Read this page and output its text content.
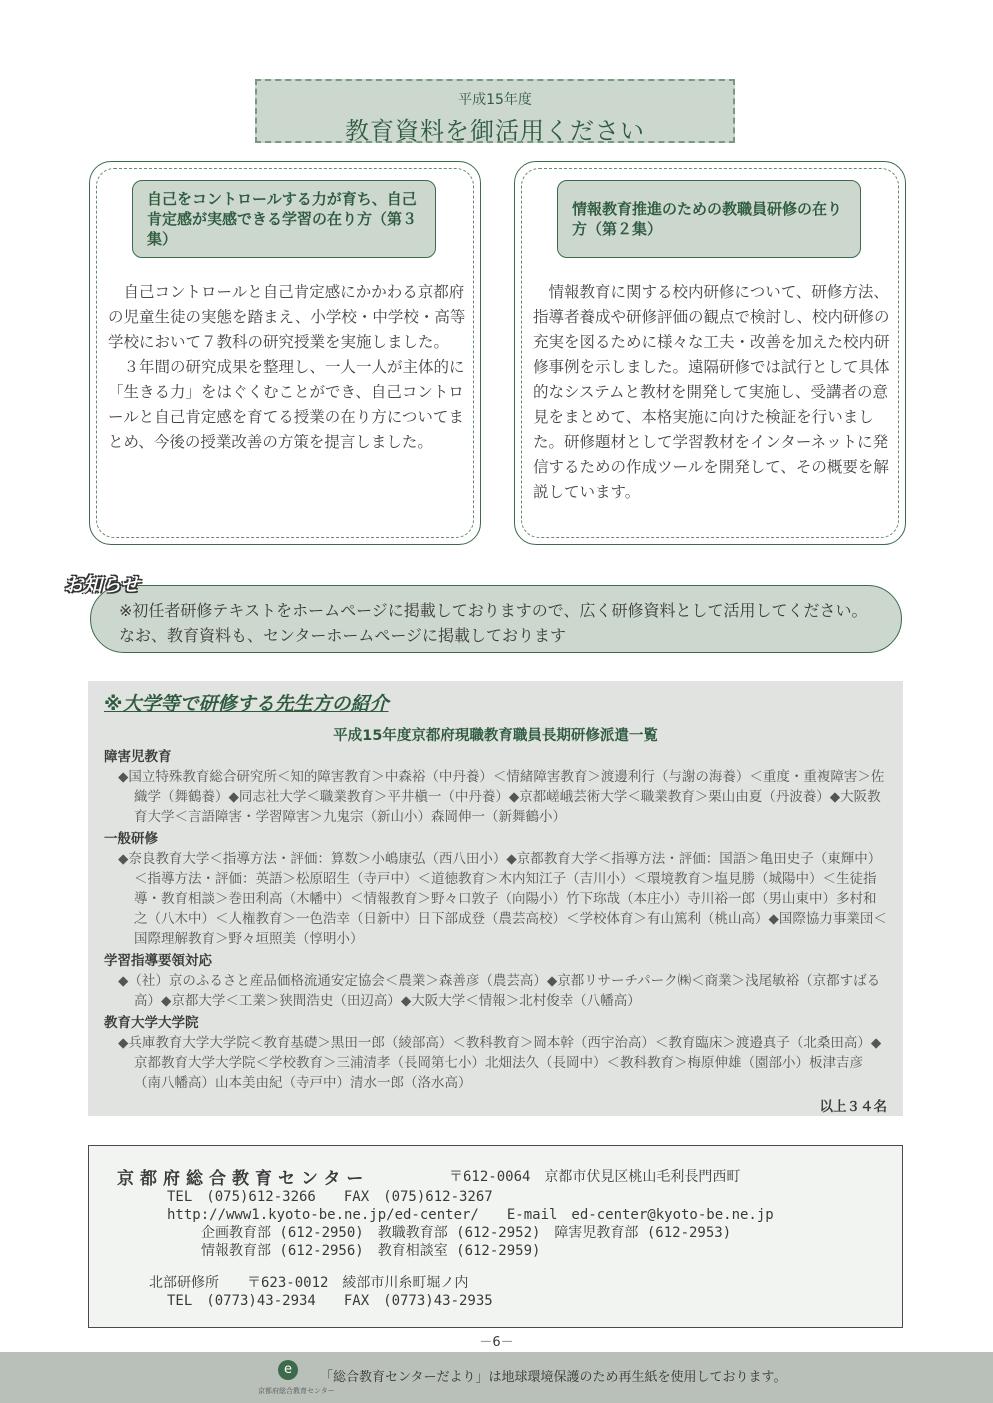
平成15年度
教育資料を御活用ください
自己をコントロールする力が育ち、自己肯定感が実感できる学習の在り方（第３集）

自己コントロールと自己肯定感にかかわる京都府の児童生徒の実態を踏まえ、小学校・中学校・高等学校において７教科の研究授業を実施しました。

３年間の研究成果を整理し、一人一人が主体的に「生きる力」をはぐくむことができ、自己コントロールと自己肯定感を育てる授業の在り方についてまとめ、今後の授業改善の方策を提言しました。

情報教育推進のための教職員研修の在り方（第２集）

情報教育に関する校内研修について、研修方法、指導者養成や研修評価の観点で検討し、校内研修の充実を図るために様々な工夫・改善を加えた校内研修事例を示しました。遠隔研修では試行として具体的なシステムと教材を開発して実施し、受講者の意見をまとめて、本格実施に向けた検証を行いました。研修題材として学習教材をインターネットに発信するための作成ツールを開発して、その概要を解説しています。

※初任者研修テキストをホームページに掲載しておりますので、広く研修資料として活用してください。なお、教育資料も、センターホームページに掲載しております
お知らせ
※大学等で研修する先生方の紹介
平成15年度京都府現職教育職員長期研修派遣一覧
障害児教育
◆国立特殊教育総合研究所＜知的障害教育＞中森裕（中丹養）＜情緒障害教育＞渡邊利行（与謝の海養）＜重度・重複障害＞佐織学（舞鶴養）◆同志社大学＜職業教育＞平井槇一（中丹養）◆京都嵯峨芸術大学＜職業教育＞栗山由夏（丹波養）◆大阪教育大学＜言語障害・学習障害＞九鬼宗（新山小）森岡伸一（新舞鶴小）
一般研修
◆奈良教育大学＜指導方法・評価：算数＞小嶋康弘（西八田小）◆京都教育大学＜指導方法・評価：国語＞亀田史子（東輝中）＜指導方法・評価：英語＞松原昭生（寺戸中）＜道徳教育＞木内知江子（吉川小）＜環境教育＞塩見勝（城陽中）＜生徒指導・教育相談＞巻田利高（木幡中）＜情報教育＞野々口敦子（向陽小）竹下珎哉（本庄小）寺川裕一郎（男山東中）多村和之（八木中）＜人権教育＞一色浩幸（日新中）日下部成登（農芸高校）＜学校体育＞有山篤利（桃山高）◆国際協力事業団＜国際理解教育＞野々垣照美（惇明小）
学習指導要領対応
◆（社）京のふるさと産品価格流通安定協会＜農業＞森善彦（農芸高）◆京都リサーチパーク㈱＜商業＞浅尾敏裕（京都すばる高）◆京都大学＜工業＞狭間浩史（田辺高）◆大阪大学＜情報＞北村俊幸（八幡高）
教育大学大学院
◆兵庫教育大学大学院＜教育基礎＞黒田一郎（綾部高）＜教科教育＞岡本幹（西宇治高）＜教育臨床＞渡邉真子（北桑田高）◆京都教育大学大学院＜学校教育＞三浦清孝（長岡第七小）北畑法久（長岡中）＜教科教育＞梅原伸雄（園部小）板津吉彦（南八幡高）山本美由紀（寺戸中）清水一郎（洛水高）
以上３４名
京都府総合教育センター	〒612-0064　京都市伏見区桃山毛利長門西町
TEL　(075)612-3266　　FAX　(075)612-3267
http://www1.kyoto-be.ne.jp/ed-center/　　E-mail　ed-center@kyoto-be.ne.jp
企画教育部 (612-2950)　教職教育部 (612-2952)　障害児教育部 (612-2953)
情報教育部 (612-2956)　教育相談室 (612-2959)
北部研修所　　〒623-0012　綾部市川糸町堀ノ内
TEL　(0773)43-2934　　FAX　(0773)43-2935
－6－
e
京都府総合教育センター
「総合教育センターだより」は地球環境保護のため再生紙を使用しております。
